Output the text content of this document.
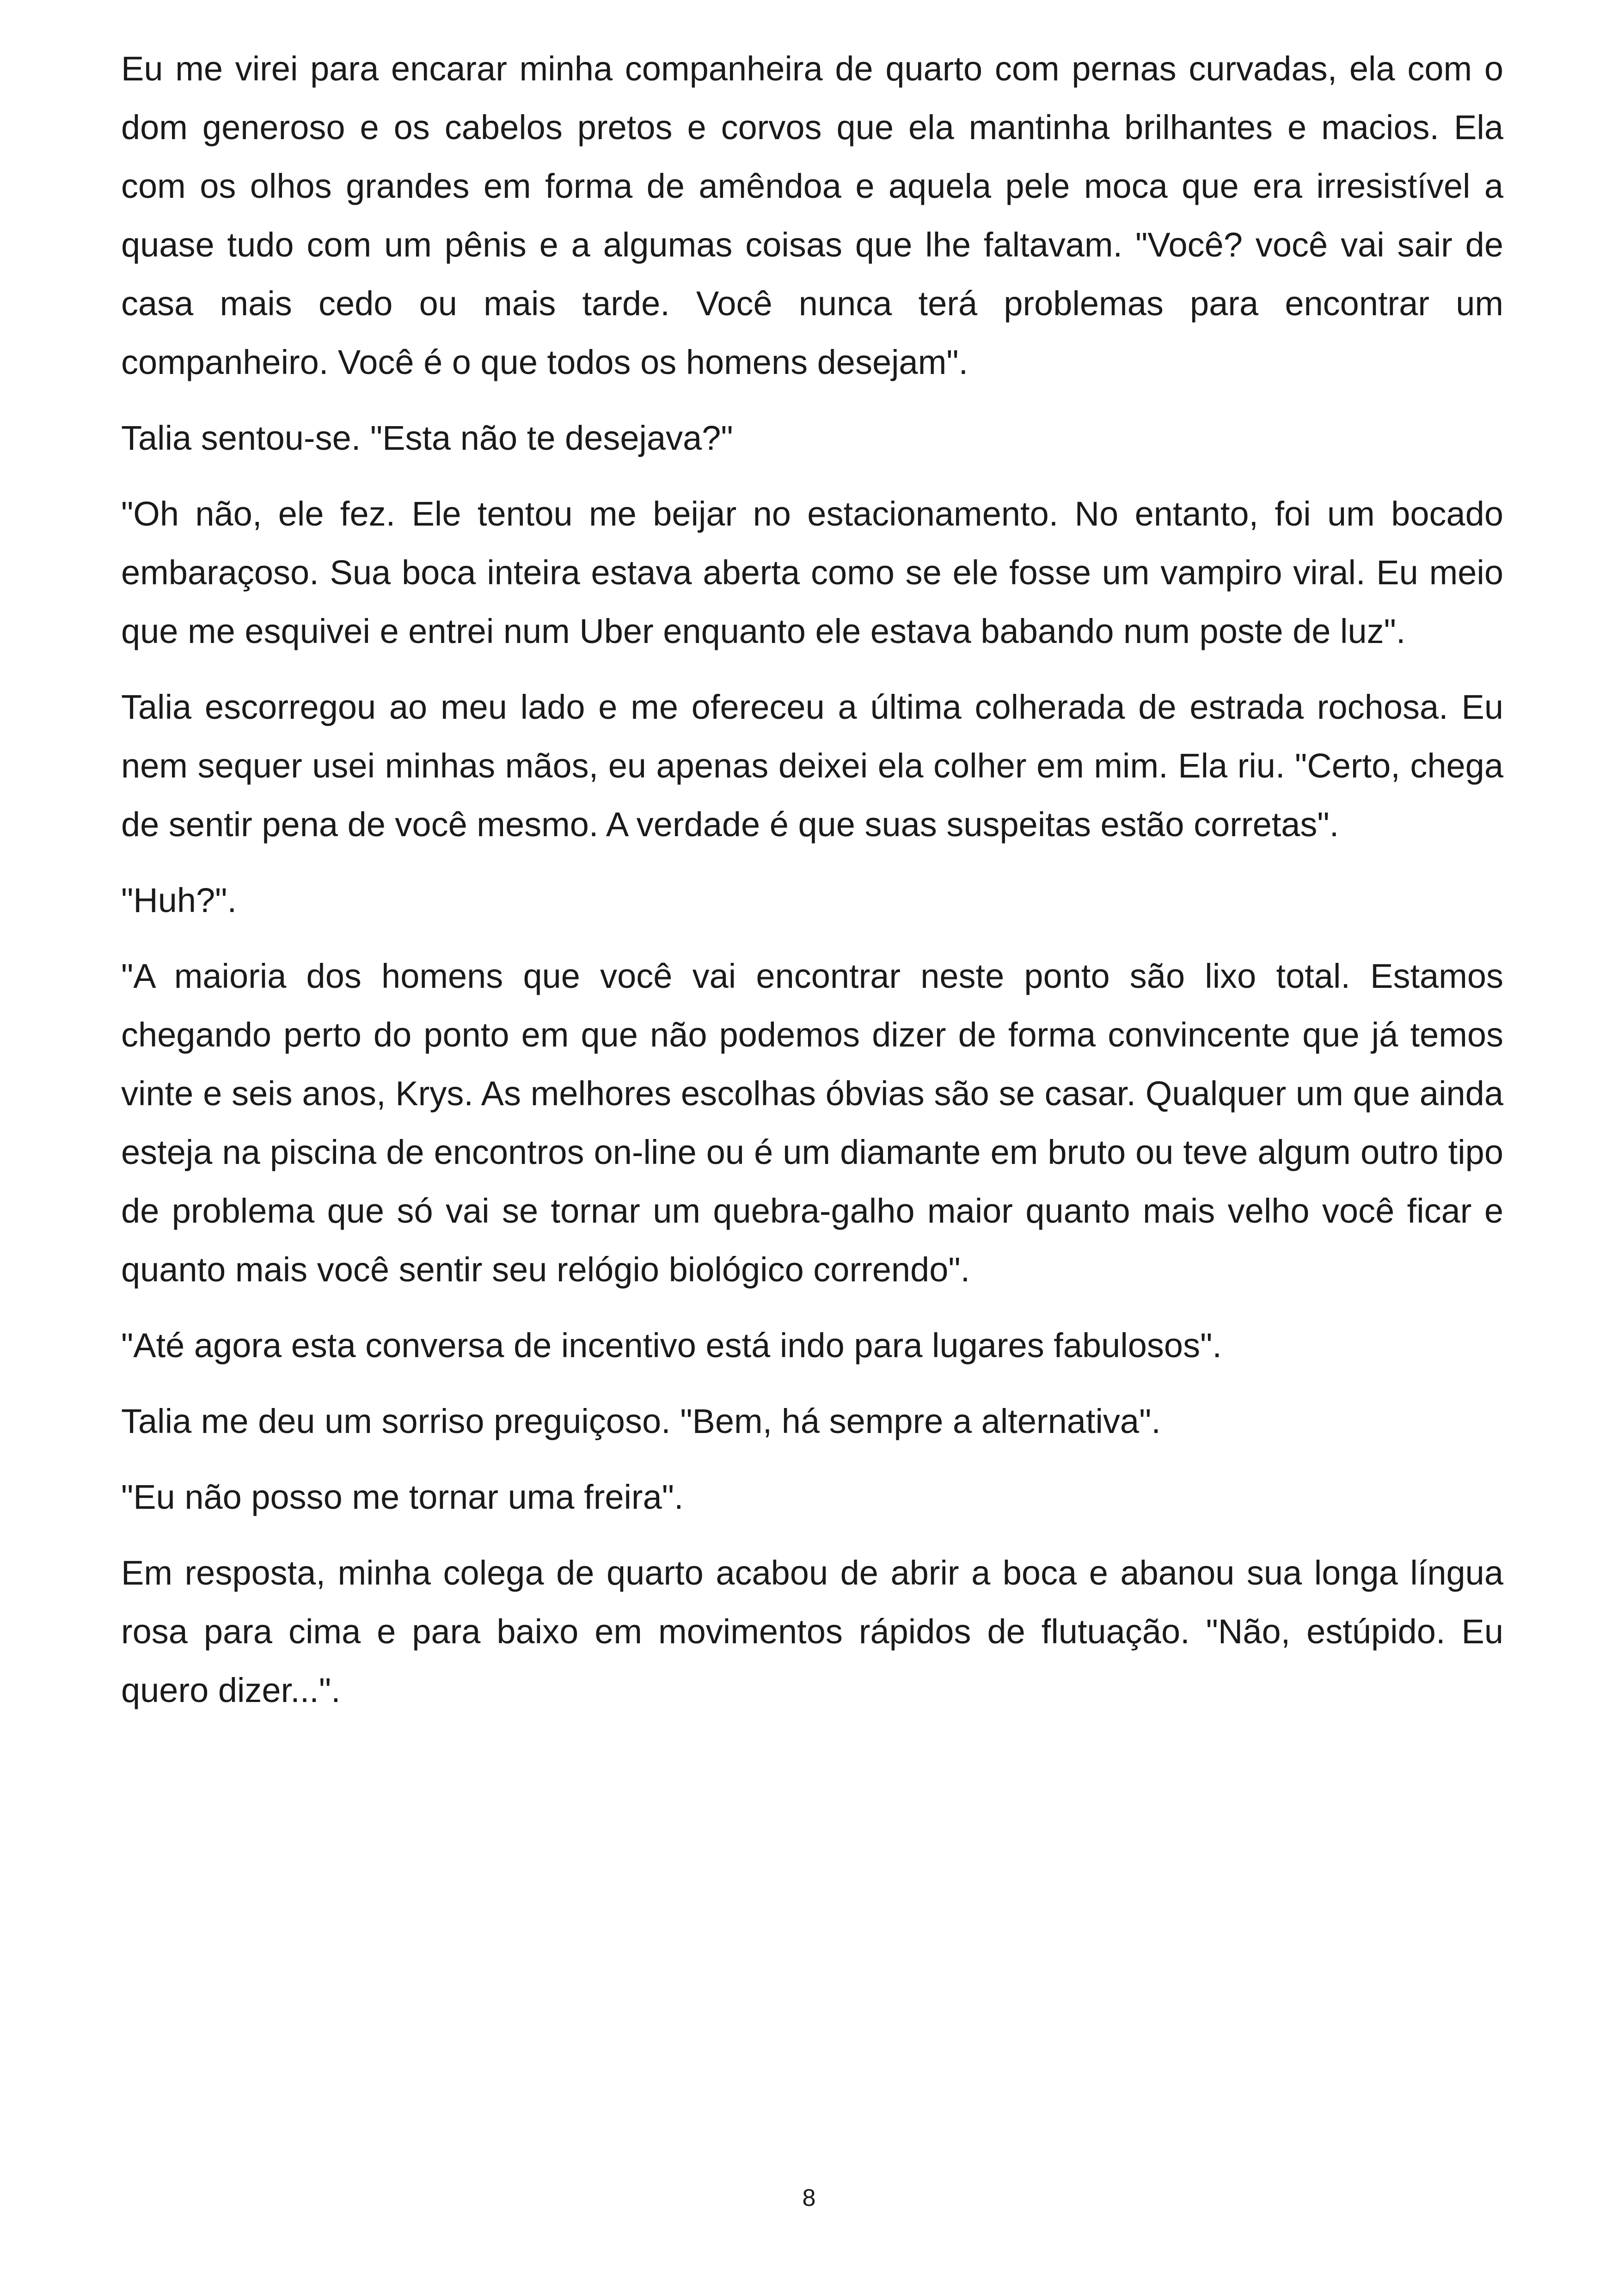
Eu me virei para encarar minha companheira de quarto com pernas curvadas, ela com o dom generoso e os cabelos pretos e corvos que ela mantinha brilhantes e macios. Ela com os olhos grandes em forma de amêndoa e aquela pele moca que era irresistível a quase tudo com um pênis e a algumas coisas que lhe faltavam. "Você? você vai sair de casa mais cedo ou mais tarde. Você nunca terá problemas para encontrar um companheiro. Você é o que todos os homens desejam".

Talia sentou-se. "Esta não te desejava?"

"Oh não, ele fez. Ele tentou me beijar no estacionamento. No entanto, foi um bocado embaraçoso. Sua boca inteira estava aberta como se ele fosse um vampiro viral. Eu meio que me esquivei e entrei num Uber enquanto ele estava babando num poste de luz".

Talia escorregou ao meu lado e me ofereceu a última colherada de estrada rochosa. Eu nem sequer usei minhas mãos, eu apenas deixei ela colher em mim. Ela riu. "Certo, chega de sentir pena de você mesmo. A verdade é que suas suspeitas estão corretas".

"Huh?".

"A maioria dos homens que você vai encontrar neste ponto são lixo total. Estamos chegando perto do ponto em que não podemos dizer de forma convincente que já temos vinte e seis anos, Krys. As melhores escolhas óbvias são se casar. Qualquer um que ainda esteja na piscina de encontros on-line ou é um diamante em bruto ou teve algum outro tipo de problema que só vai se tornar um quebra-galho maior quanto mais velho você ficar e quanto mais você sentir seu relógio biológico correndo".

"Até agora esta conversa de incentivo está indo para lugares fabulosos".

Talia me deu um sorriso preguiçoso. "Bem, há sempre a alternativa".

"Eu não posso me tornar uma freira".

Em resposta, minha colega de quarto acabou de abrir a boca e abanou sua longa língua rosa para cima e para baixo em movimentos rápidos de flutuação. "Não, estúpido. Eu quero dizer...".

8
